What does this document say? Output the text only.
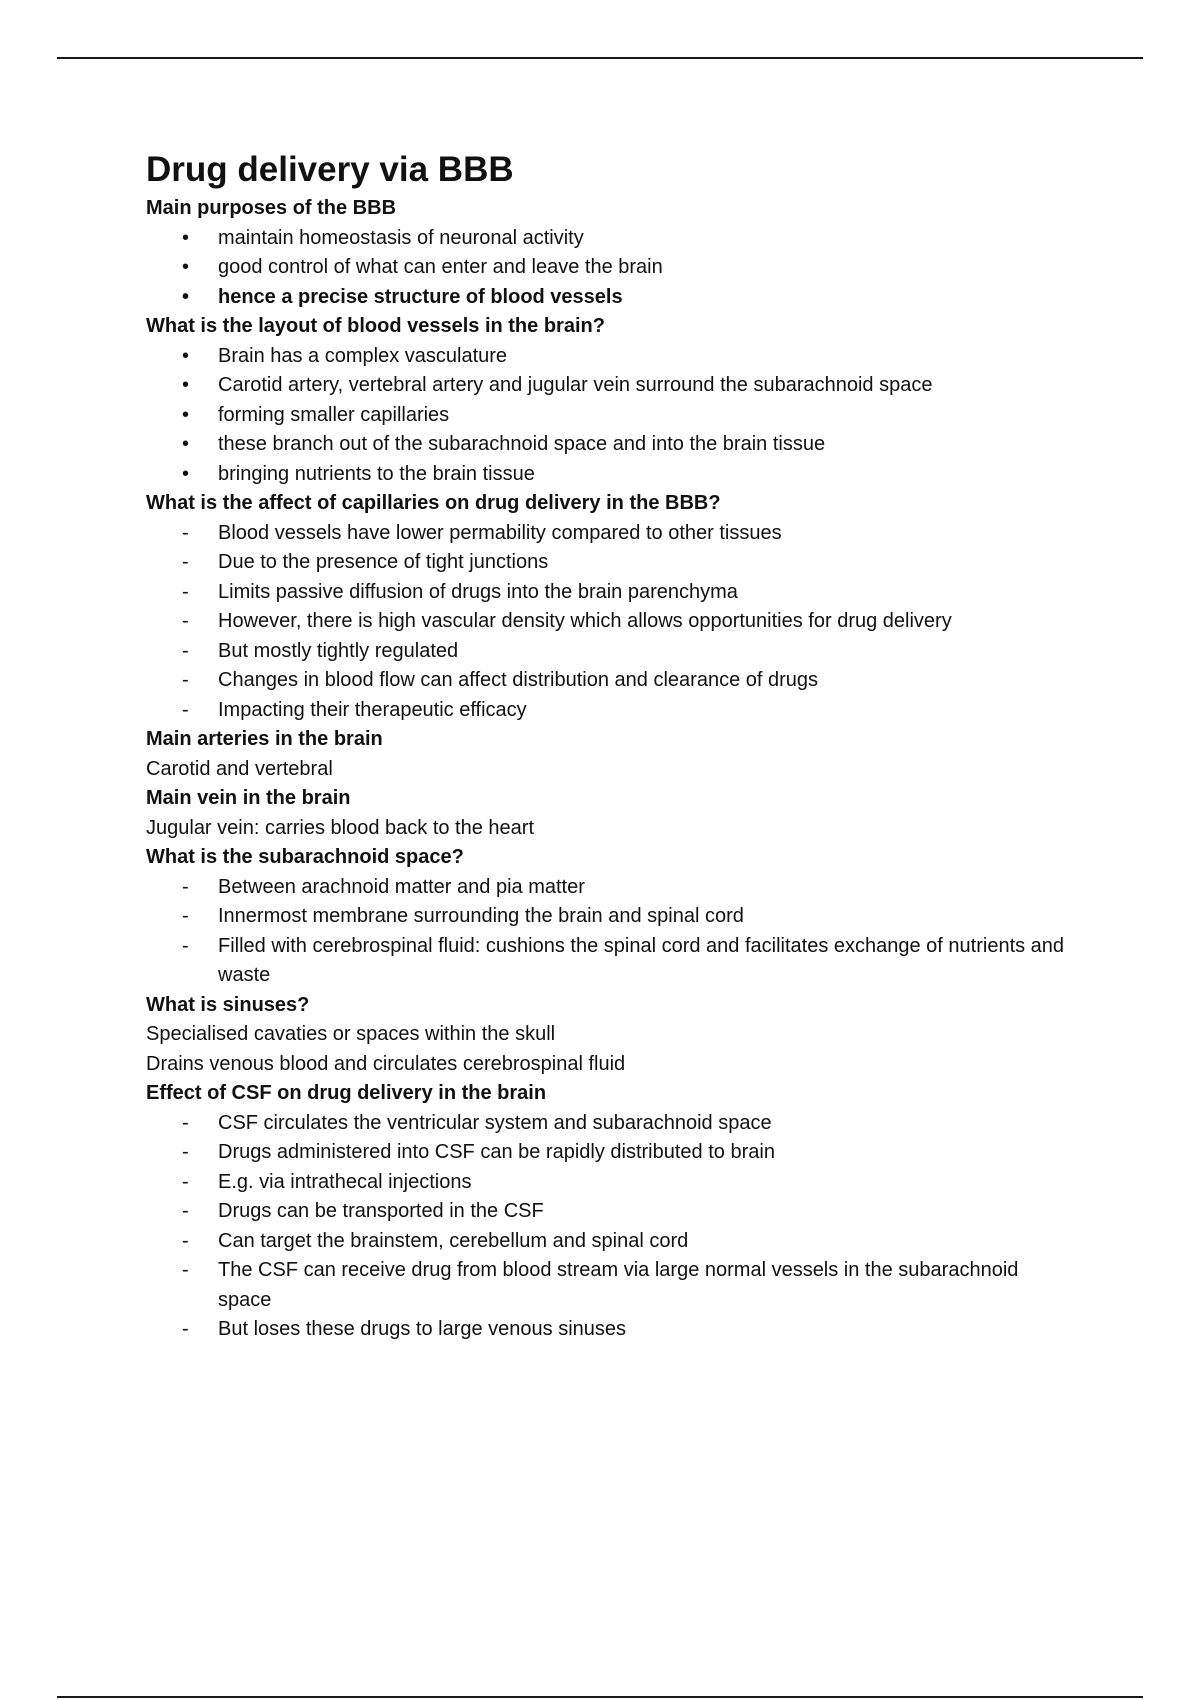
Drug delivery via BBB
Main purposes of the BBB
•	maintain homeostasis of neuronal activity
•	good control of what can enter and leave the brain
•	hence a precise structure of blood vessels
What is the layout of blood vessels in the brain?
•	Brain has a complex vasculature
•	Carotid artery, vertebral artery and jugular vein surround the subarachnoid space
•	forming smaller capillaries
•	these branch out of the subarachnoid space and into the brain tissue
•	bringing nutrients to the brain tissue
What is the affect of capillaries on drug delivery in the BBB?
-	Blood vessels have lower permability compared to other tissues
-	Due to the presence of tight junctions
-	Limits passive diffusion of drugs into the brain parenchyma
-	However, there is high vascular density which allows opportunities for drug delivery
-	But mostly tightly regulated
-	Changes in blood flow can affect distribution and clearance of drugs
-	Impacting their therapeutic efficacy
Main arteries in the brain
Carotid and vertebral
Main vein in the brain
Jugular vein: carries blood back to the heart
What is the subarachnoid space?
-	Between arachnoid matter and pia matter
-	Innermost membrane surrounding the brain and spinal cord
-	Filled with cerebrospinal fluid: cushions the spinal cord and facilitates exchange of nutrients and waste
What is sinuses?
Specialised cavaties or spaces within the skull
Drains venous blood and circulates cerebrospinal fluid
Effect of CSF on drug delivery in the brain
-	CSF circulates the ventricular system and subarachnoid space
-	Drugs administered into CSF can be rapidly distributed to brain
-	E.g. via intrathecal injections
-	Drugs can be transported in the CSF
-	Can target the brainstem, cerebellum and spinal cord
-	The CSF can receive drug from blood stream via large normal vessels in the subarachnoid space
-	But loses these drugs to large venous sinuses
